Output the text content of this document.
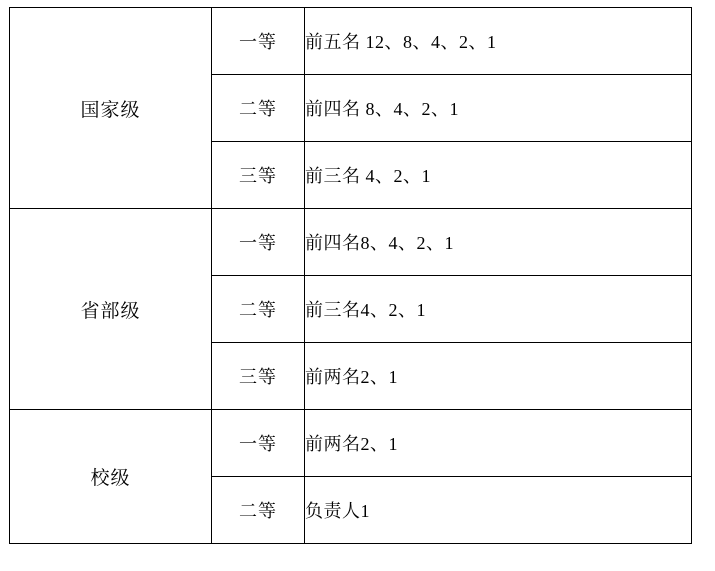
国家级	一等	前五名 12、8、4、2、1
	二等	前四名 8、4、2、1
	三等	前三名 4、2、1
省部级	一等	前四名8、4、2、1
	二等	前三名4、2、1
	三等	前两名2、1
校级	一等	前两名2、1
	二等	负责人1
